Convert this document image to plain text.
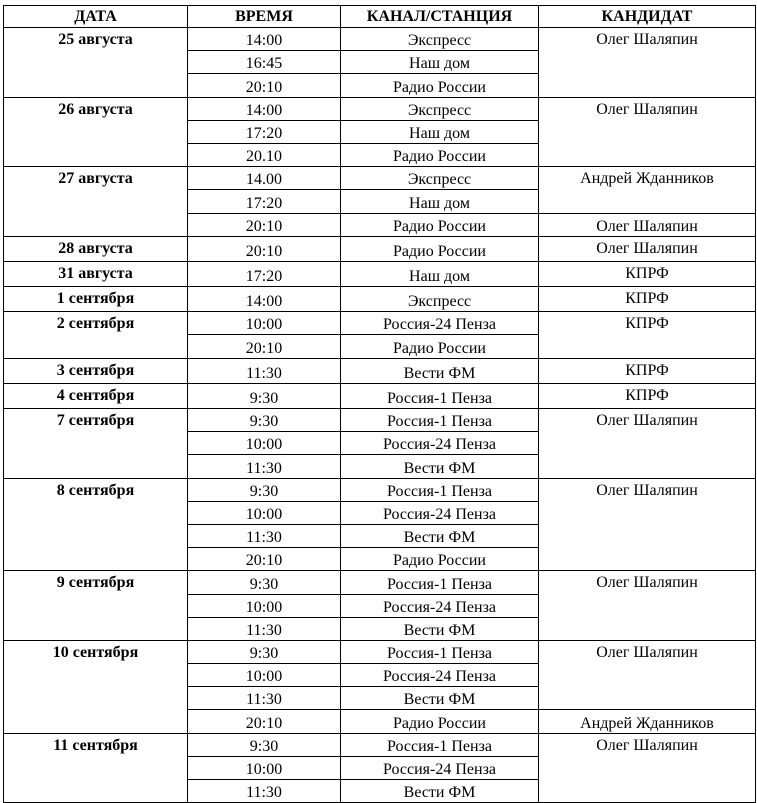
ДАТА	ВРЕМЯ	КАНАЛ/СТАНЦИЯ	КАНДИДАТ
25 августа	14:00	Экспресс	Олег Шаляпин
	16:45	Наш дом	
	20:10	Радио России	
26 августа	14:00	Экспресс	Олег Шаляпин
	17:20	Наш дом	
	20.10	Радио России	
27 августа	14.00	Экспресс	Андрей Жданников
	17:20	Наш дом	
	20:10	Радио России	Олег Шаляпин
28 августа	20:10	Радио России	Олег Шаляпин
31 августа	17:20	Наш дом	КПРФ
1 сентября	14:00	Экспресс	КПРФ
2 сентября	10:00	Россия-24 Пенза	КПРФ
	20:10	Радио России	
3 сентября	11:30	Вести ФМ	КПРФ
4 сентября	9:30	Россия-1 Пенза	КПРФ
7 сентября	9:30	Россия-1 Пенза	Олег Шаляпин
	10:00	Россия-24 Пенза	
	11:30	Вести ФМ	
8 сентября	9:30	Россия-1 Пенза	Олег Шаляпин
	10:00	Россия-24 Пенза	
	11:30	Вести ФМ	
	20:10	Радио России	
9 сентября	9:30	Россия-1 Пенза	Олег Шаляпин
	10:00	Россия-24 Пенза	
	11:30	Вести ФМ	
10 сентября	9:30	Россия-1 Пенза	Олег Шаляпин
	10:00	Россия-24 Пенза	
	11:30	Вести ФМ	
	20:10	Радио России	Андрей Жданников
11 сентября	9:30	Россия-1 Пенза	Олег Шаляпин
	10:00	Россия-24 Пенза	
	11:30	Вести ФМ	
